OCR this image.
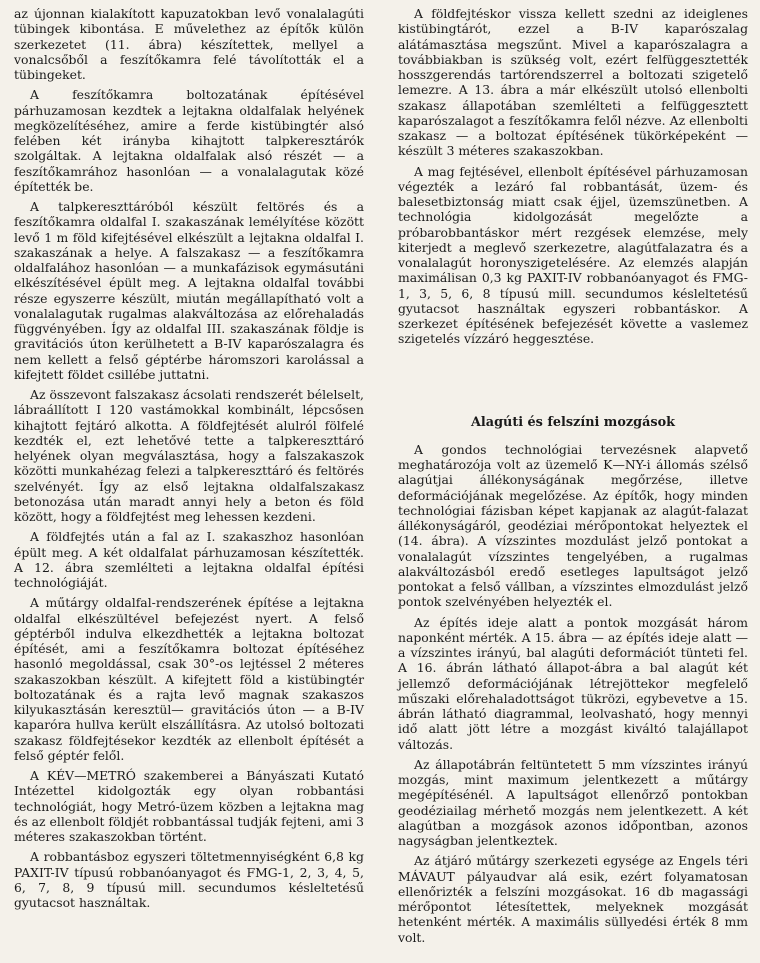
az újonnan kialakított kapuzatokban levő vonalalagúti tübingek kibontása. E művelethez az építők külön szerkezetet (11. ábra) készítettek, mellyel a vonalcsőből a feszítőkamra felé távolították el a tübingeket.

A feszítőkamra boltozatának építésével párhuzamosan kezdtek a lejtakna oldalfalak helyének megközelítéséhez, amire a ferde kistübingtér alsó felében két irányba kihajtott talpkeresztárók szolgáltak. A lejtakna oldalfalak alsó részét — a feszítőkamrához hasonlóan — a vonalalagutak közé építették be.

A talpkereszttáróból készült feltörés és a feszítőkamra oldalfal I. szakaszának lemélyítése között levő 1 m föld kifejtésével elkészült a lejtakna oldalfal I. szakaszának a helye. A falszakasz — a feszítőkamra oldalfalához hasonlóan — a munkafázisok egymásutáni elkészítésével épült meg. A lejtakna oldalfal további része egyszerre készült, miután megállapítható volt a vonalalagutak rugalmas alakváltozása az előrehaladás függvényében. Így az oldalfal III. szakaszának földje is gravitációs úton kerülhetett a B-IV kaparószalagra és nem kellett a felső géptérbe háromszori karolással a kifejtett földet csillébe juttatni.

Az összevont falszakasz ácsolati rendszerét bélelselt, lábraállított I 120 vastámokkal kombinált, lépcsősen kihajtott fejtáró alkotta. A földfejtését alulról fölfelé kezdték el, ezt lehetővé tette a talpkereszttáró helyének olyan megválasztása, hogy a falszakaszok közötti munkahézag felezi a talpkereszttáró és feltörés szelvényét. Így az első lejtakna oldalfalszakasz betonozása után maradt annyi hely a beton és föld között, hogy a földfejtést meg lehessen kezdeni.

A földfejtés után a fal az I. szakaszhoz hasonlóan épült meg. A két oldalfalat párhuzamosan készítették. A 12. ábra szemlélteti a lejtakna oldalfal építési technológiáját.

A műtárgy oldalfal-rendszerének építése a lejtakna oldalfal elkészültével befejezést nyert. A felső géptérből indulva elkezdhették a lejtakna boltozat építését, ami a feszítőkamra boltozat építéséhez hasonló megoldással, csak 30°-os lejtéssel 2 méteres szakaszokban készült. A kifejtett föld a kistübingtér boltozatának és a rajta levő magnak szakaszos kilyukasztásán keresztül— gravitációs úton — a B-IV kaparóra hullva került elszállításra. Az utolsó boltozati szakasz földfejtésekor kezdték az ellenbolt építését a felső géptér felől.

A KÉV—METRÓ szakemberei a Bányászati Kutató Intézettel kidolgozták egy olyan robbantási technológiát, hogy Metró-üzem közben a lejtakna mag és az ellenbolt földjét robbantással tudják fejteni, ami 3 méteres szakaszokban történt.

A robbantásboz egyszeri töltetmennyiségként 6,8 kg PAXIT-IV típusú robbanóanyagot és FMG-1, 2, 3, 4, 5, 6, 7, 8, 9 típusú mill. secundumos késleltetésű gyutacsot használtak.

A földfejtéskor vissza kellett szedni az ideiglenes kistübingtárót, ezzel a B-IV kaparószalag alátámasztása megszűnt. Mivel a kaparószalagra a továbbiakban is szükség volt, ezért felfüggesztették hosszgerendás tartórendszerrel a boltozati szigetelő lemezre. A 13. ábra a már elkészült utolsó ellenbolti szakasz állapotában szemlélteti a felfüggesztett kaparószalagot a feszítőkamra felől nézve. Az ellenbolti szakasz — a boltozat építésének tükörképeként — készült 3 méteres szakaszokban.

A mag fejtésével, ellenbolt építésével párhuzamosan végezték a lezáró fal robbantását, üzem- és balesetbiztonság miatt csak éjjel, üzemszünetben. A technológia kidolgozását megelőzte a próbarobbantáskor mért rezgések elemzése, mely kiterjedt a meglevő szerkezetre, alagútfalazatra és a vonalalagút horonyszigetelésére. Az elemzés alapján maximálisan 0,3 kg PAXIT-IV robbanóanyagot és FMG- 1, 3, 5, 6, 8 típusú mill. secundumos késleltetésű gyutacsot használtak egyszeri robbantáskor. A szerkezet építésének befejezését követte a vaslemez szigetelés vízzáró heggesztése.

Alagúti és felszíni mozgások

A gondos technológiai tervezésnek alapvető meghatározója volt az üzemelő K—NY-i állomás szélső alagútjai állékonyságának megőrzése, illetve deformációjának megelőzése. Az építők, hogy minden technológiai fázisban képet kapjanak az alagút-falazat állékonyságáról, geodéziai mérőpontokat helyeztek el (14. ábra). A vízszintes mozdulást jelző pontokat a vonalalagút vízszintes tengelyében, a rugalmas alakváltozásból eredő esetleges lapultságot jelző pontokat a felső vállban, a vízszintes elmozdulást jelző pontok szelvényében helyezték el.

Az építés ideje alatt a pontok mozgását három naponként mérték. A 15. ábra — az építés ideje alatt — a vízszintes irányú, bal alagúti deformációt tünteti fel. A 16. ábrán látható állapot-ábra a bal alagút két jellemző deformációjának létrejöttekor megfelelő műszaki előrehaladottságot tükrözi, egybevetve a 15. ábrán látható diagrammal, leolvasható, hogy mennyi idő alatt jött létre a mozgást kiváltó talajállapot változás.

Az állapotábrán feltüntetett 5 mm vízszintes irányú mozgás, mint maximum jelentkezett a műtárgy megépítésénél. A lapultságot ellenőrző pontokban geodéziailag mérhető mozgás nem jelentkezett. A két alagútban a mozgások azonos időpontban, azonos nagyságban jelentkeztek.

Az átjáró műtárgy szerkezeti egysége az Engels téri MÁVAUT pályaudvar alá esik, ezért folyamatosan ellenőrizték a felszíni mozgásokat. 16 db magassági mérőpontot létesítettek, melyeknek mozgását hetenként mérték. A maximális süllyedési érték 8 mm volt.
